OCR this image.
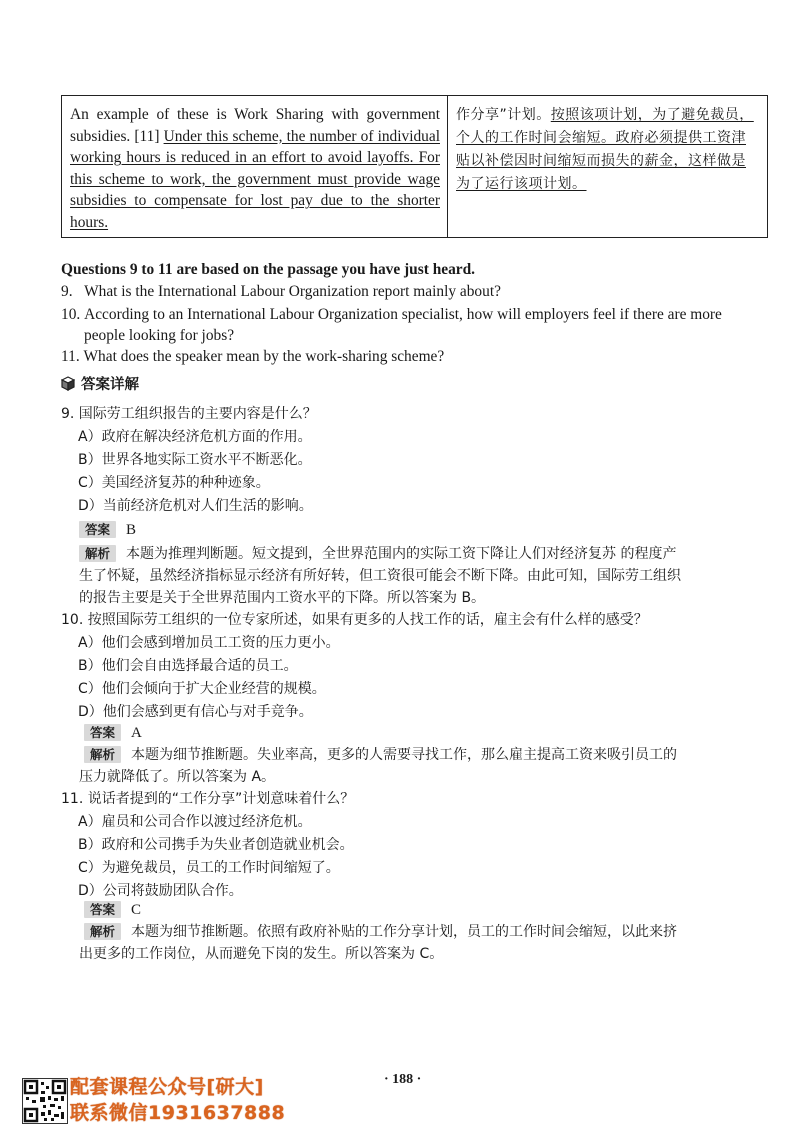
An example of these is Work Sharing with government subsidies. [11] Under this scheme, the number of individual working hours is reduced in an effort to avoid layoffs. For this scheme to work, the government must provide wage subsidies to compensate for lost pay due to the shorter hours.
作分享”计划。按照该项计划，为了避免裁员，个人的工作时间会缩短。政府必须提供工资津贴以补偿因时间缩短而损失的薪金，这样做是为了运行该项计划。
Questions 9 to 11 are based on the passage you have just heard.
9. What is the International Labour Organization report mainly about?
10. According to an International Labour Organization specialist, how will employers feel if there are more
people looking for jobs?
11. What does the speaker mean by the work-sharing scheme?
答案详解
9. 国际劳工组织报告的主要内容是什么？
A）政府在解决经济危机方面的作用。
B）世界各地实际工资水平不断恶化。
C）美国经济复苏的种种迹象。
D）当前经济危机对人们生活的影响。
答案 B
解析 本题为推理判断题。短文提到，全世界范围内的实际工资下降让人们对经济复苏 的程度产
生了怀疑，虽然经济指标显示经济有所好转，但工资很可能会不断下降。由此可知，国际劳工组织
的报告主要是关于全世界范围内工资水平的下降。所以答案为 B。
10. 按照国际劳工组织的一位专家所述，如果有更多的人找工作的话，雇主会有什么样的感受？
A）他们会感到增加员工工资的压力更小。
B）他们会自由选择最合适的员工。
C）他们会倾向于扩大企业经营的规模。
D）他们会感到更有信心与对手竞争。
答案 A
解析 本题为细节推断题。失业率高，更多的人需要寻找工作，那么雇主提高工资来吸引员工的
压力就降低了。所以答案为 A。
11. 说话者提到的“工作分享”计划意味着什么？
A）雇员和公司合作以渡过经济危机。
B）政府和公司携手为失业者创造就业机会。
C）为避免裁员，员工的工作时间缩短了。
D）公司将鼓励团队合作。
答案 C
解析 本题为细节推断题。依照有政府补贴的工作分享计划，员工的工作时间会缩短，以此来挤
出更多的工作岗位，从而避免下岗的发生。所以答案为 C。
· 188 ·
配套课程公众号[研大]
联系微信1931637888
